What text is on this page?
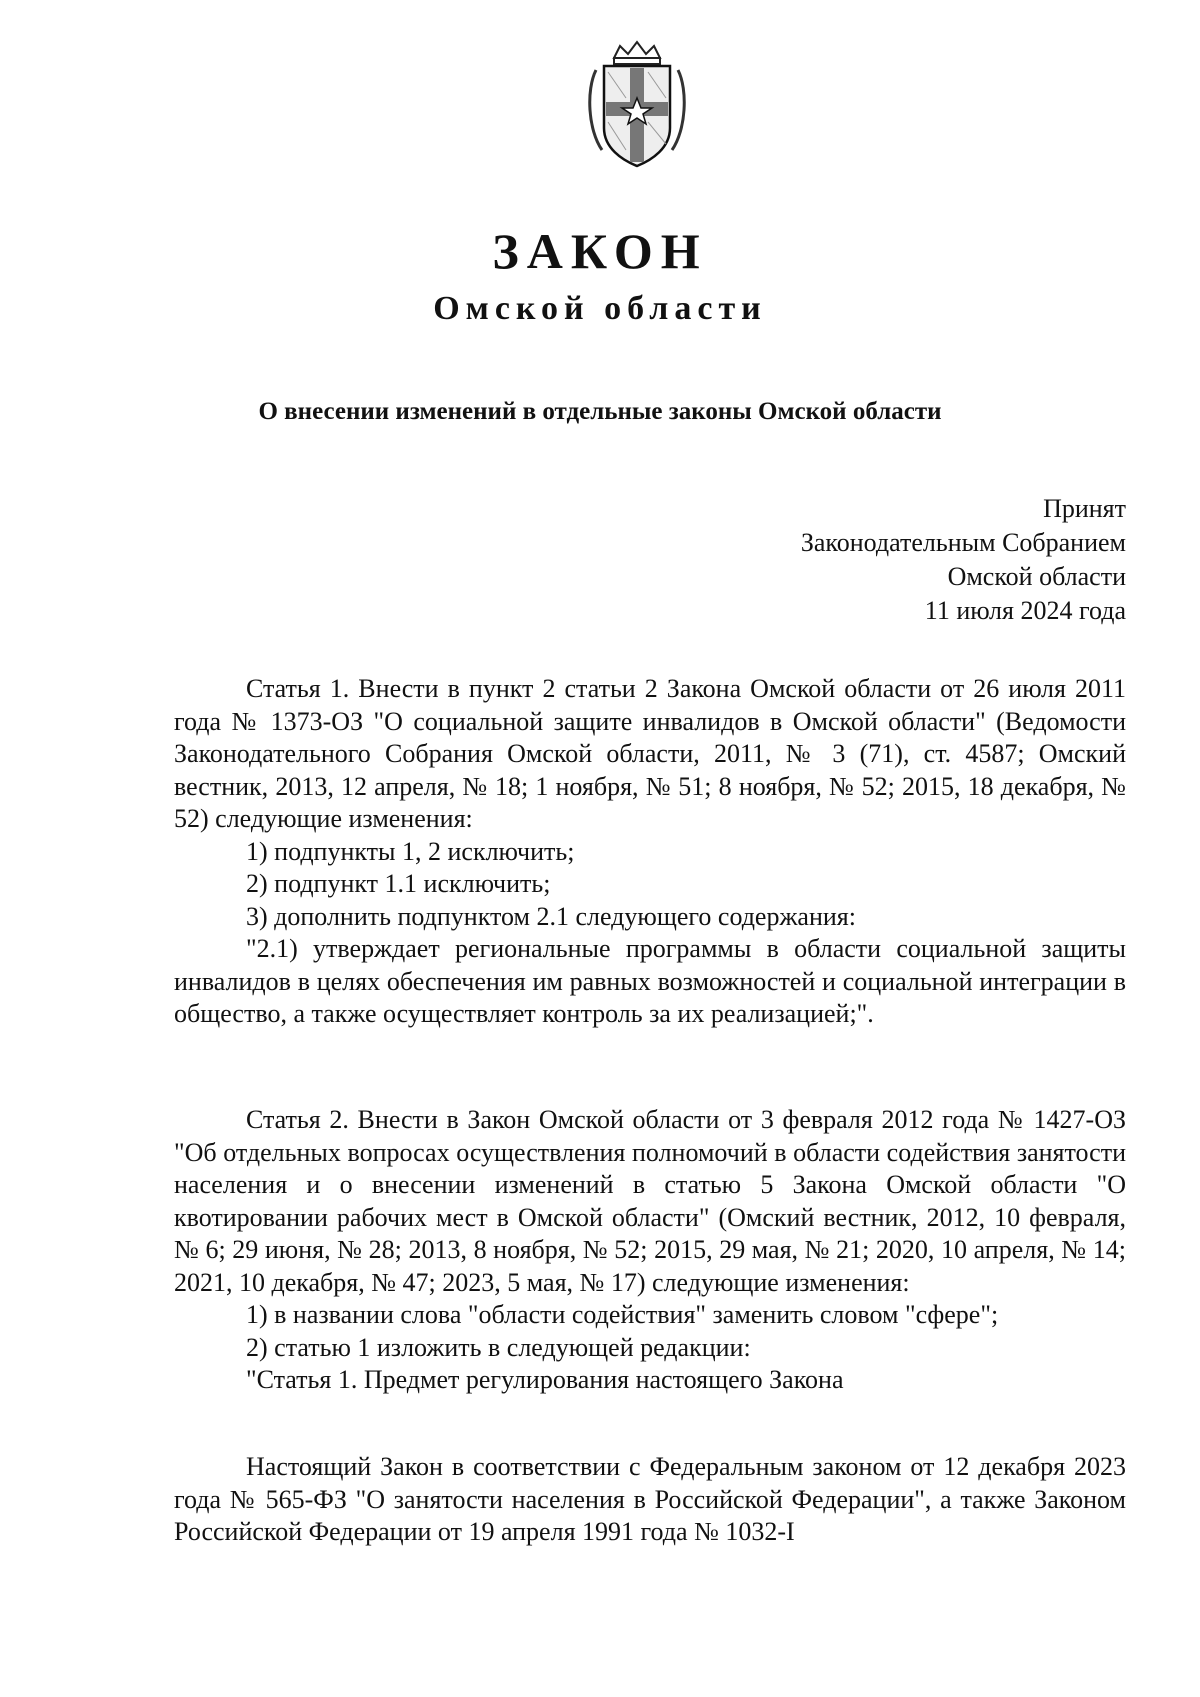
ЗАКОН
Омской области
О внесении изменений в отдельные законы Омской области
Принят
Законодательным Собранием
Омской области
11 июля 2024 года

Статья 1. Внести в пункт 2 статьи 2 Закона Омской области от 26 июля 2011 года № 1373-ОЗ "О социальной защите инвалидов в Омской области" (Ведомости Законодательного Собрания Омской области, 2011, № 3 (71), ст. 4587; Омский вестник, 2013, 12 апреля, № 18; 1 ноября, № 51; 8 ноября, № 52; 2015, 18 декабря, № 52) следующие изменения:

1) подпункты 1, 2 исключить;

2) подпункт 1.1 исключить;

3) дополнить подпунктом 2.1 следующего содержания:

"2.1) утверждает региональные программы в области социальной защиты инвалидов в целях обеспечения им равных возможностей и социальной интеграции в общество, а также осуществляет контроль за их реализацией;".

Статья 2. Внести в Закон Омской области от 3 февраля 2012 года № 1427-ОЗ "Об отдельных вопросах осуществления полномочий в области содействия занятости населения и о внесении изменений в статью 5 Закона Омской области "О квотировании рабочих мест в Омской области" (Омский вестник, 2012, 10 февраля, № 6; 29 июня, № 28; 2013, 8 ноября, № 52; 2015, 29 мая, № 21; 2020, 10 апреля, № 14; 2021, 10 декабря, № 47; 2023, 5 мая, № 17) следующие изменения:

1) в названии слова "области содействия" заменить словом "сфере";

2) статью 1 изложить в следующей редакции:

"Статья 1. Предмет регулирования настоящего Закона

Настоящий Закон в соответствии с Федеральным законом от 12 декабря 2023 года № 565-ФЗ "О занятости населения в Российской Федерации", а также Законом Российской Федерации от 19 апреля 1991 года № 1032-I
